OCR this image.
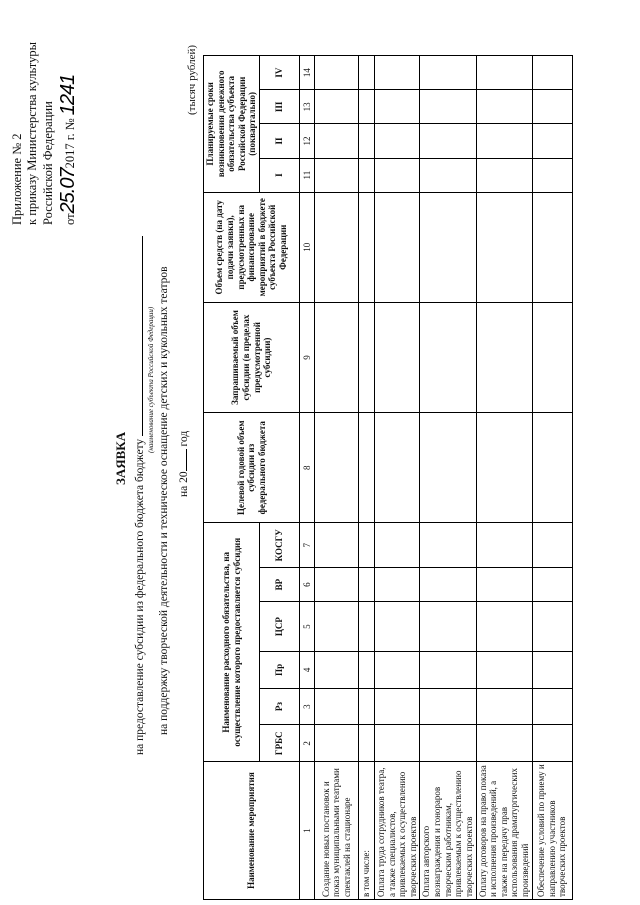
Приложение № 2 к приказу Министерства культуры Российской Федерации от25.072017 г. № 1241
ЗАЯВКА на предоставление субсидии из федерального бюджета бюджету
(наименование субъекта Российской Федерации) на поддержку творческой деятельности и техническое оснащение детских и кукольных театров на 20 год
(тысяч рублей)
Наименование мероприятия	Наименование расходного обязательства, на осуществление которого предоставляется субсидия						Целевой годовой объем субсидии из федерального бюджета	Запрашиваемый объем субсидии (в пределах предусмотренной субсидии)	Объем средств (на дату подачи заявки), предусмотренных на финансирование мероприятий в бюджете субъекта Российской Федерации	Планируемые сроки возникновения денежного обязательства субъекта Российской Федерации (поквартально)			
	ГРБС	Рз	Пр	ЦСР	ВР	КОСГУ				I	II	III	IV
1	2	3	4	5	6	7	8	9	10	11	12	13	14
Создание новых постановок и показ муниципальными театрами спектаклей на стационаре													
в том числе:													
Оплата труда сотрудников театра, а также специалистов, привлекаемых к осуществлению творческих проектов													
Оплата авторского вознаграждения и гонораров творческим работникам, привлекаемым к осуществлению творческих проектов													
Оплату договоров на право показа и исполнения произведений, а также на передачу прав использования драматургических произведений													
Обеспечение условий по приему и направлению участников творческих проектов													
